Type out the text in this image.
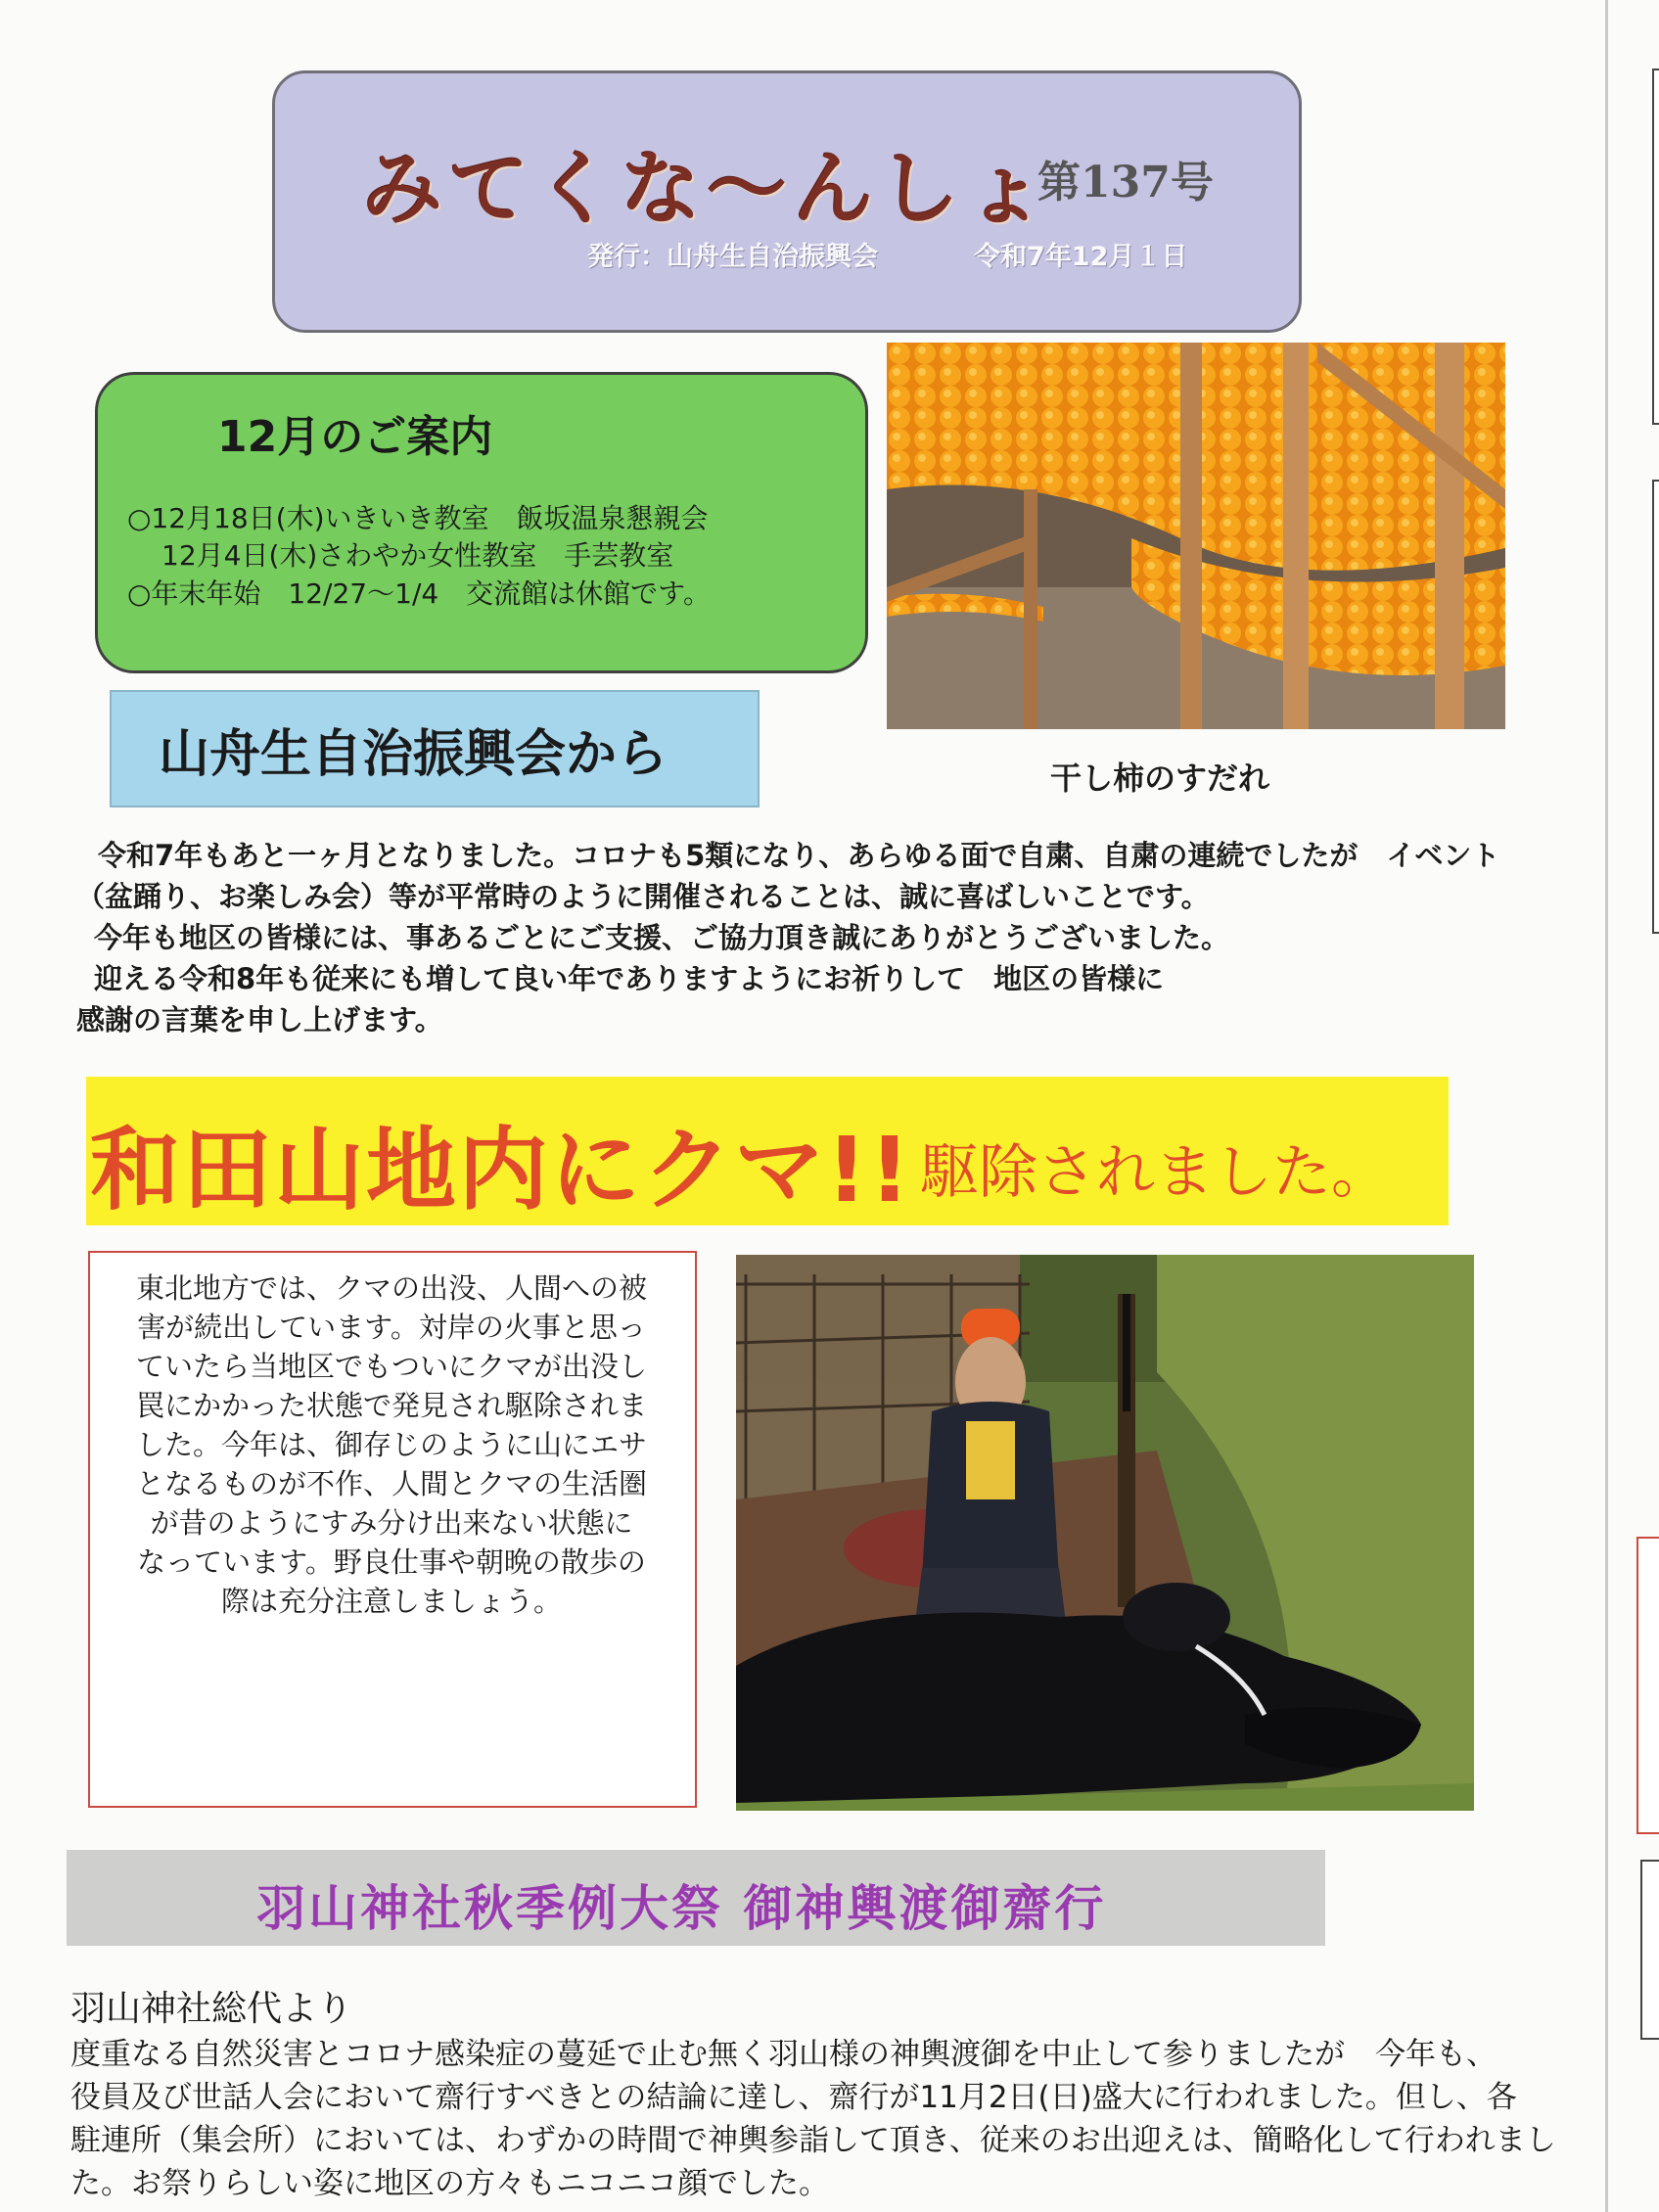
みてくな～んしょ
第137号
発行：山舟生自治振興会	令和7年12月１日
12月のご案内
○12月18日(木)いきいき教室　飯坂温泉懇親会
12月4日(木)さわやか女性教室　手芸教室
○年末年始　12/27～1/4　交流館は休館です。
干し柿のすだれ
山舟生自治振興会から
令和7年もあと一ヶ月となりました。コロナも5類になり、あらゆる面で自粛、自粛の連続でしたが　イベント
（盆踊り、お楽しみ会）等が平常時のように開催されることは、誠に喜ばしいことです。
今年も地区の皆様には、事あるごとにご支援、ご協力頂き誠にありがとうございました。
迎える令和8年も従来にも増して良い年でありますようにお祈りして　地区の皆様に
感謝の言葉を申し上げます。
和田山地内にクマ!! 駆除されました。
東北地方では、クマの出没、人間への被
害が続出しています。対岸の火事と思っ
ていたら当地区でもついにクマが出没し
罠にかかった状態で発見され駆除されま
した。今年は、御存じのように山にエサ
となるものが不作、人間とクマの生活圏
が昔のようにすみ分け出来ない状態に
なっています。野良仕事や朝晩の散歩の
際は充分注意しましょう。
羽山神社秋季例大祭 御神輿渡御齋行
羽山神社総代より
度重なる自然災害とコロナ感染症の蔓延で止む無く羽山様の神輿渡御を中止して参りましたが　今年も、
役員及び世話人会において齋行すべきとの結論に達し、齋行が11月2日(日)盛大に行われました。但し、各
駐連所（集会所）においては、わずかの時間で神輿参詣して頂き、従来のお出迎えは、簡略化して行われまし
た。お祭りらしい姿に地区の方々もニコニコ顔でした。
